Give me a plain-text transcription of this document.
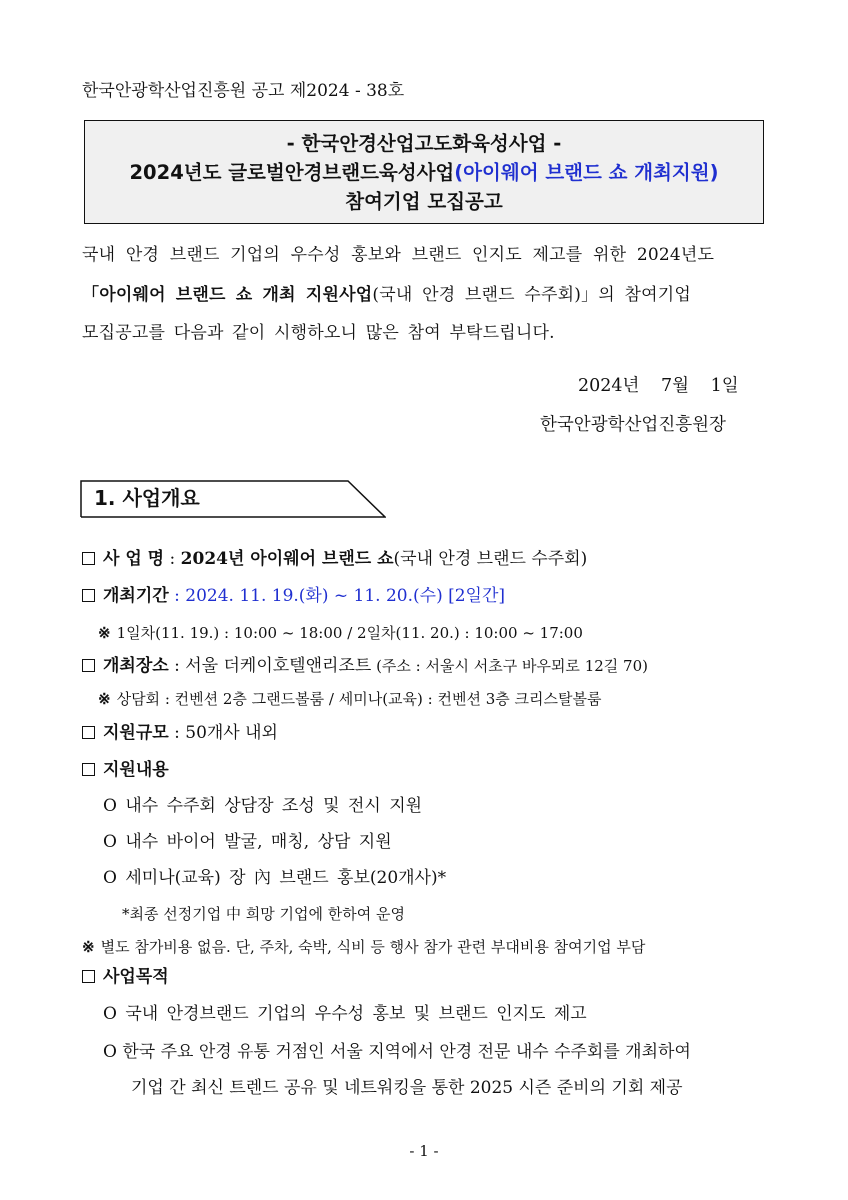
한국안광학산업진흥원 공고 제2024 - 38호
- 한국안경산업고도화육성사업 -
2024년도 글로벌안경브랜드육성사업(아이웨어 브랜드 쇼 개최지원)
참여기업 모집공고
국내 안경 브랜드 기업의 우수성 홍보와 브랜드 인지도 제고를 위한 2024년도
「아이웨어 브랜드 쇼 개최 지원사업(국내 안경 브랜드 수주회)」의 참여기업
모집공고를 다음과 같이 시행하오니 많은 참여 부탁드립니다.
2024년 7월 1일
한국안광학산업진흥원장
1. 사업개요
사 업 명 : 2024년 아이웨어 브랜드 쇼(국내 안경 브랜드 수주회)
개최기간 : 2024. 11. 19.(화) ~ 11. 20.(수) [2일간]
※ 1일차(11. 19.) : 10:00 ~ 18:00 / 2일차(11. 20.) : 10:00 ~ 17:00
개최장소 : 서울 더케이호텔앤리조트 (주소 : 서울시 서초구 바우뫼로 12길 70)
※ 상담회 : 컨벤션 2층 그랜드볼룸 / 세미나(교육) : 컨벤션 3층 크리스탈볼룸
지원규모 : 50개사 내외
지원내용
O 내수 수주회 상담장 조성 및 전시 지원
O 내수 바이어 발굴, 매칭, 상담 지원
O 세미나(교육) 장 內 브랜드 홍보(20개사)*
*최종 선정기업 中 희망 기업에 한하여 운영
※ 별도 참가비용 없음. 단, 주차, 숙박, 식비 등 행사 참가 관련 부대비용 참여기업 부담
사업목적
O 국내 안경브랜드 기업의 우수성 홍보 및 브랜드 인지도 제고
O 한국 주요 안경 유통 거점인 서울 지역에서 안경 전문 내수 수주회를 개최하여
기업 간 최신 트렌드 공유 및 네트워킹을 통한 2025 시즌 준비의 기회 제공
- 1 -
